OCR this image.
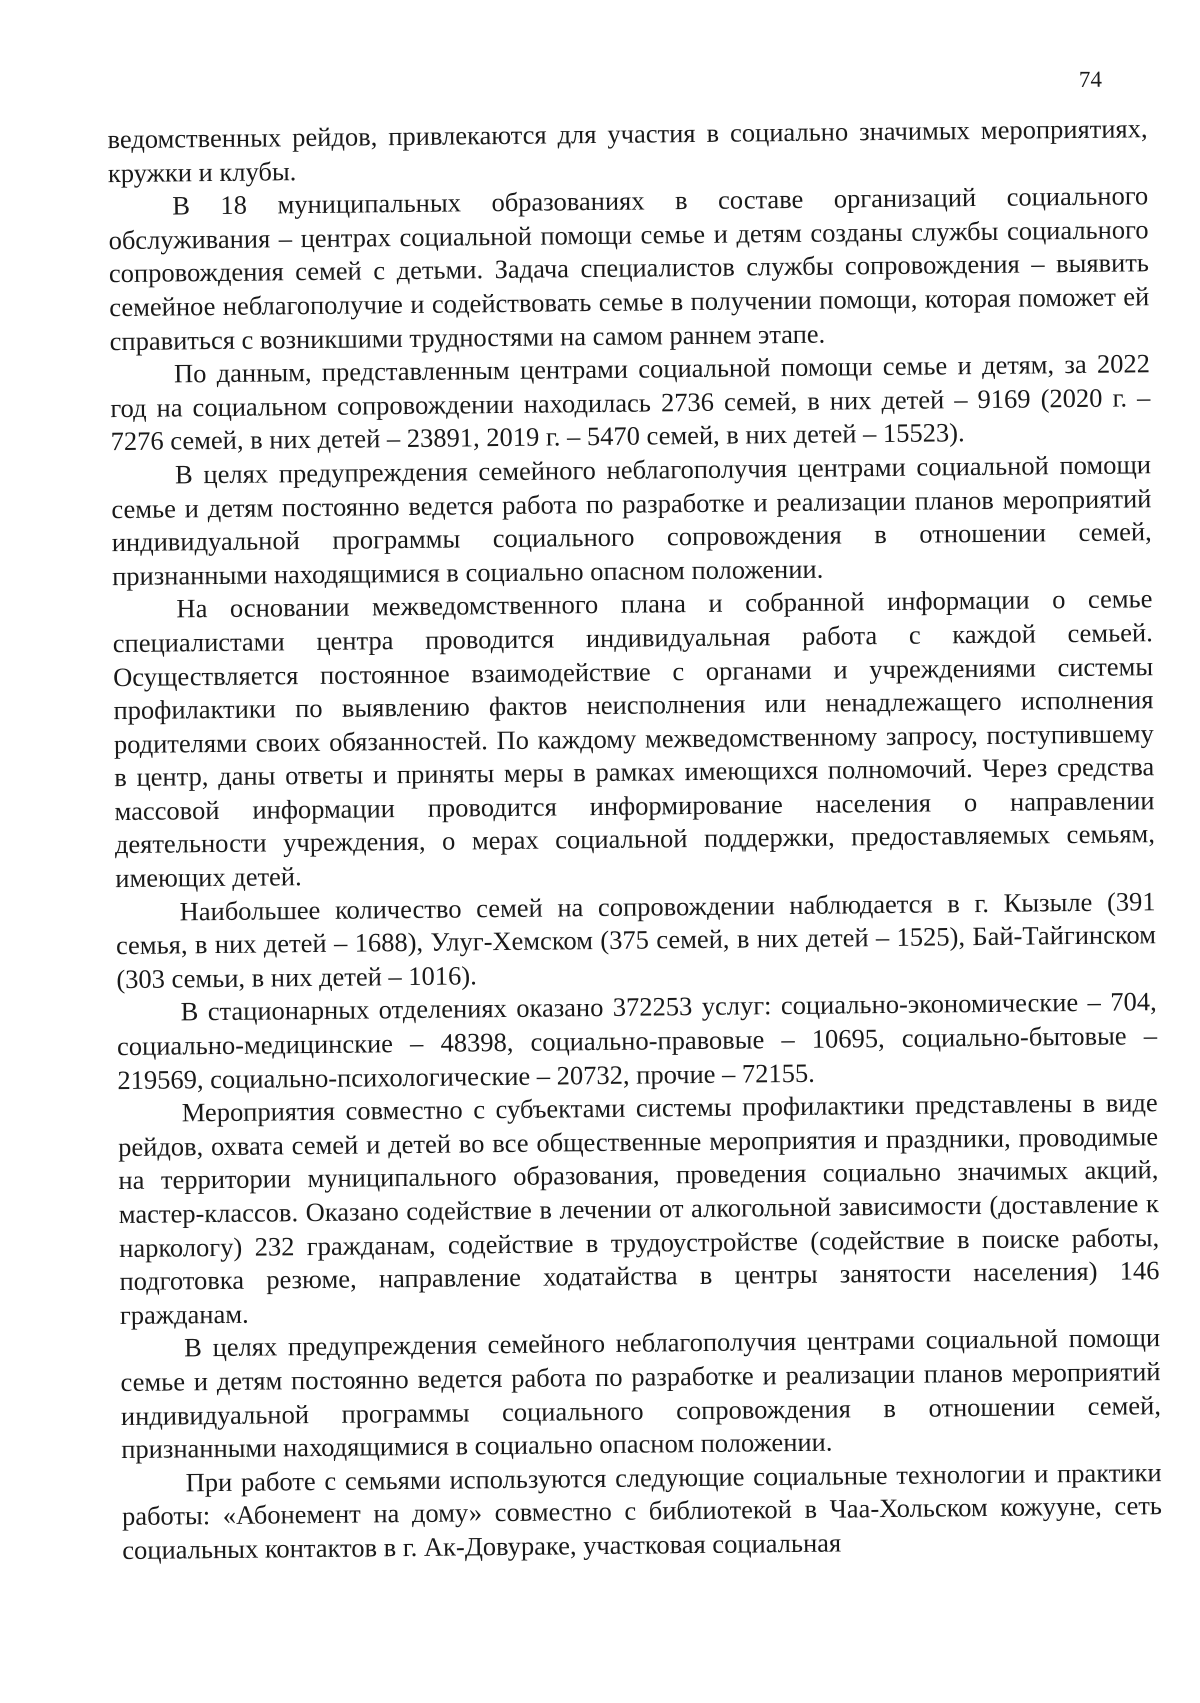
74

ведомственных рейдов, привлекаются для участия в социально значимых мероприятиях, кружки и клубы.

В 18 муниципальных образованиях в составе организаций социального обслуживания – центрах социальной помощи семье и детям созданы службы социального сопровождения семей с детьми. Задача специалистов службы сопровождения – выявить семейное неблагополучие и содействовать семье в получении помощи, которая поможет ей справиться с возникшими трудностями на самом раннем этапе.

По данным, представленным центрами социальной помощи семье и детям, за 2022 год на социальном сопровождении находилась 2736 семей, в них детей – 9169 (2020 г. – 7276 семей, в них детей – 23891, 2019 г. – 5470 семей, в них детей – 15523).

В целях предупреждения семейного неблагополучия центрами социальной помощи семье и детям постоянно ведется работа по разработке и реализации планов мероприятий индивидуальной программы социального сопровождения в отношении семей, признанными находящимися в социально опасном положении.

На основании межведомственного плана и собранной информации о семье специалистами центра проводится индивидуальная работа с каждой семьей. Осуществляется постоянное взаимодействие с органами и учреждениями системы профилактики по выявлению фактов неисполнения или ненадлежащего исполнения родителями своих обязанностей. По каждому межведомственному запросу, поступившему в центр, даны ответы и приняты меры в рамках имеющихся полномочий. Через средства массовой информации проводится информирование населения о направлении деятельности учреждения, о мерах социальной поддержки, предоставляемых семьям, имеющих детей.

Наибольшее количество семей на сопровождении наблюдается в г. Кызыле (391 семья, в них детей – 1688), Улуг-Хемском (375 семей, в них детей – 1525), Бай-Тайгинском (303 семьи, в них детей – 1016).

В стационарных отделениях оказано 372253 услуг: социально-экономические – 704, социально-медицинские – 48398, социально-правовые – 10695, социально-бытовые – 219569, социально-психологические – 20732, прочие – 72155.

Мероприятия совместно с субъектами системы профилактики представлены в виде рейдов, охвата семей и детей во все общественные мероприятия и праздники, проводимые на территории муниципального образования, проведения социально значимых акций, мастер-классов. Оказано содействие в лечении от алкогольной зависимости (доставление к наркологу) 232 гражданам, содействие в трудоустройстве (содействие в поиске работы, подготовка резюме, направление ходатайства в центры занятости населения) 146 гражданам.

В целях предупреждения семейного неблагополучия центрами социальной помощи семье и детям постоянно ведется работа по разработке и реализации планов мероприятий индивидуальной программы социального сопровождения в отношении семей, признанными находящимися в социально опасном положении.

При работе с семьями используются следующие социальные технологии и практики работы: «Абонемент на дому» совместно с библиотекой в Чаа-Хольском кожууне, сеть социальных контактов в г. Ак-Довураке, участковая социальная
